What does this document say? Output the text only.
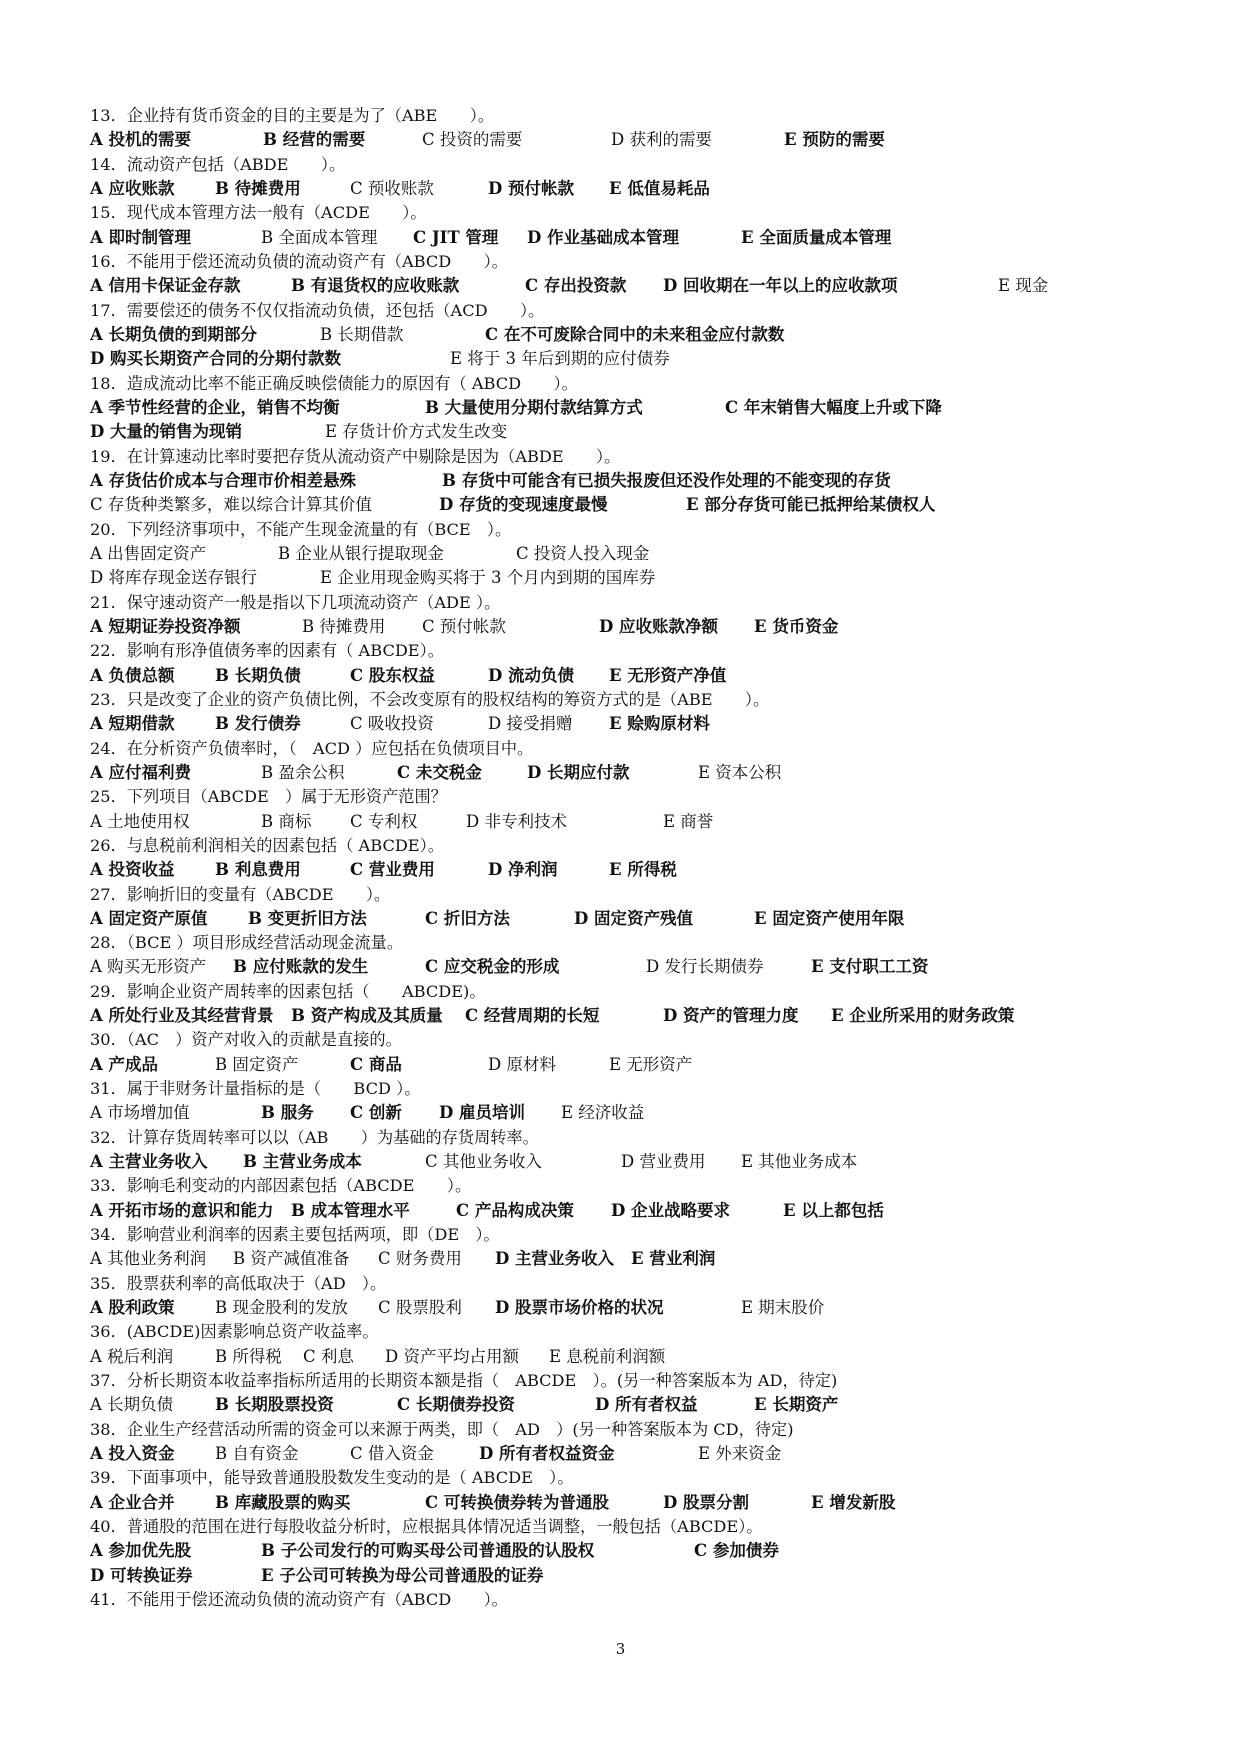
13．企业持有货币资金的目的主要是为了（ABE　　）。
A 投机的需要	B 经营的需要	C 投资的需要	D 获利的需要	E 预防的需要
14．流动资产包括（ABDE　　）。
A 应收账款 B 待摊费用	C 预收账款	D 预付帐款 E 低值易耗品
15．现代成本管理方法一般有（ACDE　　）。
A 即时制管理	B 全面成本管理 C JIT 管理 D 作业基础成本管理	E 全面质量成本管理
16．不能用于偿还流动负债的流动资产有（ABCD　　）。
A 信用卡保证金存款	B 有退货权的应收账款	C 存出投资款 D 回收期在一年以上的应收款项	E 现金
17．需要偿还的债务不仅仅指流动负债，还包括（ACD　　）。
A 长期负债的到期部分	B 长期借款	C 在不可废除合同中的未来租金应付款数
D 购买长期资产合同的分期付款数	E 将于 3 年后到期的应付债券
18．造成流动比率不能正确反映偿债能力的原因有（ ABCD　　）。
A 季节性经营的企业，销售不均衡	B 大量使用分期付款结算方式	C 年末销售大幅度上升或下降
D 大量的销售为现销	E 存货计价方式发生改变
19．在计算速动比率时要把存货从流动资产中剔除是因为（ABDE　　）。
A 存货估价成本与合理市价相差悬殊	B 存货中可能含有已损失报废但还没作处理的不能变现的存货
C 存货种类繁多，难以综合计算其价值	D 存货的变现速度最慢	E 部分存货可能已抵押给某债权人
20．下列经济事项中，不能产生现金流量的有（BCE　）。
A 出售固定资产	B 企业从银行提取现金	C 投资人投入现金
D 将库存现金送存银行	E 企业用现金购买将于 3 个月内到期的国库券
21．保守速动资产一般是指以下几项流动资产（ADE ）。
A 短期证券投资净额	B 待摊费用 C 预付帐款	D 应收账款净额 E 货币资金
22．影响有形净值债务率的因素有（ ABCDE）。
A 负债总额 B 长期负债	C 股东权益	D 流动负债 E 无形资产净值
23．只是改变了企业的资产负债比例，不会改变原有的股权结构的筹资方式的是（ABE　　）。
A 短期借款 B 发行债券	C 吸收投资	D 接受捐赠 E 赊购原材料
24．在分析资产负债率时，（　ACD ）应包括在负债项目中。
A 应付福利费	B 盈余公积	C 未交税金	D 长期应付款	E 资本公积
25．下列项目（ABCDE　）属于无形资产范围？
A 土地使用权	B 商标 C 专利权	D 非专利技术	E 商誉
26．与息税前利润相关的因素包括（ ABCDE）。
A 投资收益 B 利息费用	C 营业费用	D 净利润	E 所得税
27．影响折旧的变量有（ABCDE　　）。
A 固定资产原值 B 变更折旧方法	C 折旧方法	D 固定资产残值	E 固定资产使用年限
28．（BCE ）项目形成经营活动现金流量。
A 购买无形资产 B 应付账款的发生	C 应交税金的形成	D 发行长期债券	E 支付职工工资
29．影响企业资产周转率的因素包括（　　ABCDE)。
A 所处行业及其经营背景 B 资产构成及其质量 C 经营周期的长短	D 资产的管理力度 E 企业所采用的财务政策
30．（AC　）资产对收入的贡献是直接的。
A 产成品	B 固定资产	C 商品	D 原材料	E 无形资产
31．属于非财务计量指标的是（　　BCD ）。
A 市场增加值	B 服务 C 创新 D 雇员培训 E 经济收益
32．计算存货周转率可以以（AB　　）为基础的存货周转率。
A 主营业务收入 B 主营业务成本	C 其他业务收入	D 营业费用 E 其他业务成本
33．影响毛利变动的内部因素包括（ABCDE　　）。
A 开拓市场的意识和能力 B 成本管理水平	C 产品构成决策 D 企业战略要求	E 以上都包括
34．影响营业利润率的因素主要包括两项，即（DE　）。
A 其他业务利润 B 资产减值准备 C 财务费用 D 主营业务收入 E 营业利润
35．股票获利率的高低取决于（AD　）。
A 股利政策 B 现金股利的发放 C 股票股利 D 股票市场价格的状况	E 期末股价
36．(ABCDE)因素影响总资产收益率。
A 税后利润	B 所得税 C 利息 D 资产平均占用额 E 息税前利润额
37．分析长期资本收益率指标所适用的长期资本额是指（　ABCDE　）。(另一种答案版本为 AD，待定)
A 长期负债	B 长期股票投资	C 长期债券投资	D 所有者权益	E 长期资产
38．企业生产经营活动所需的资金可以来源于两类，即（　AD　）(另一种答案版本为 CD，待定)
A 投入资金 B 自有资金	C 借入资金	D 所有者权益资金	E 外来资金
39．下面事项中，能导致普通股股数发生变动的是（ ABCDE　）。
A 企业合并 B 库藏股票的购买	C 可转换债券转为普通股	D 股票分割	E 增发新股
40．普通股的范围在进行每股收益分析时，应根据具体情况适当调整，一般包括（ABCDE）。
A 参加优先股	B 子公司发行的可购买母公司普通股的认股权	C 参加债券
D 可转换证券	E 子公司可转换为母公司普通股的证券
41．不能用于偿还流动负债的流动资产有（ABCD　　）。
3
